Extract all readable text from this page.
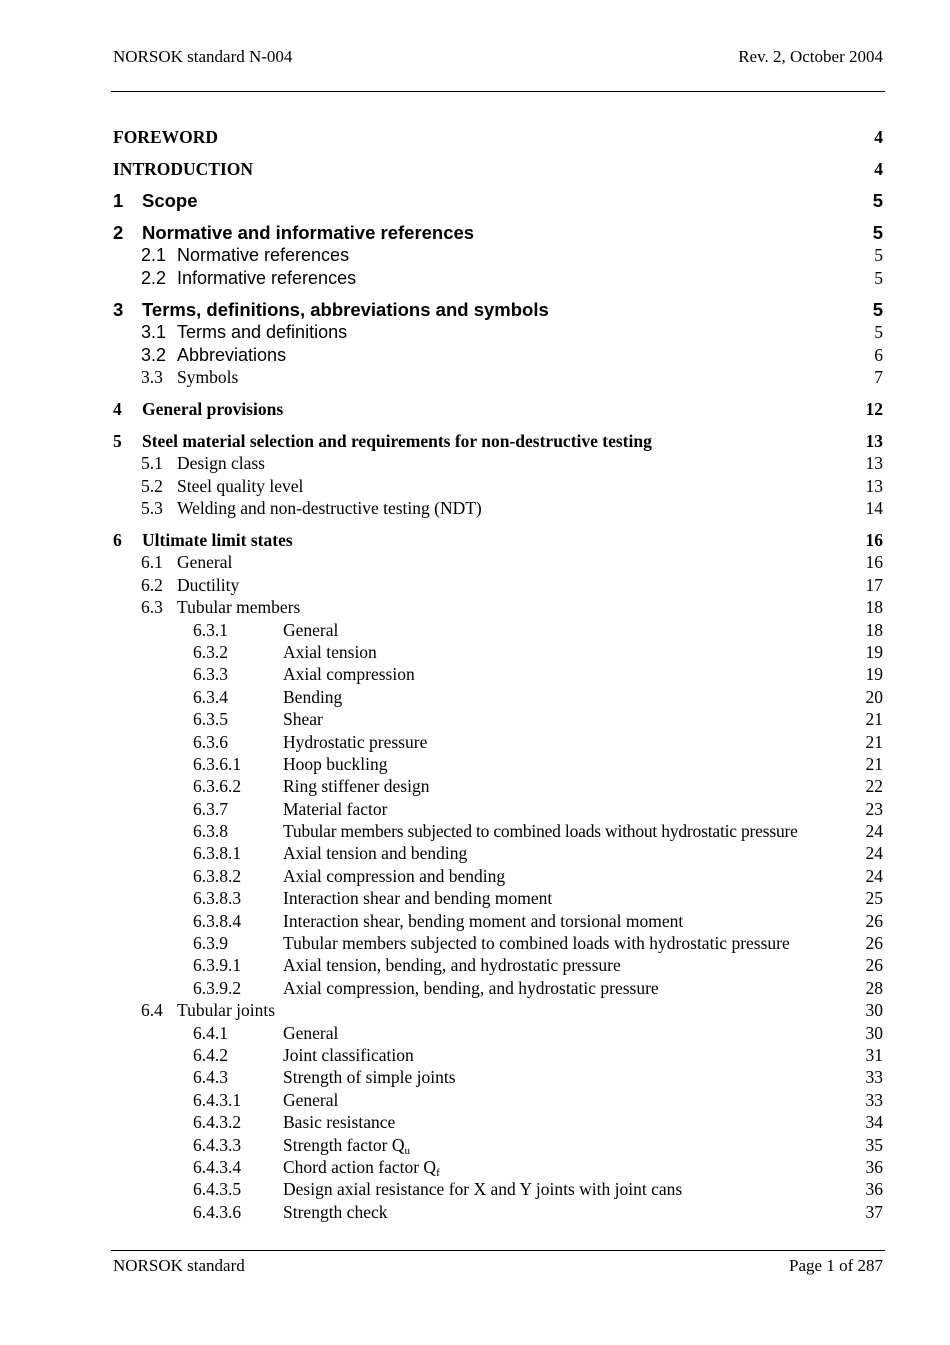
NORSOK standard N-004	Rev. 2, October 2004
FOREWORD	4
INTRODUCTION	4
1 Scope	5
2 Normative and informative references	5
2.1 Normative references	5
2.2 Informative references	5
3 Terms, definitions, abbreviations and symbols	5
3.1 Terms and definitions	5
3.2 Abbreviations	6
3.3 Symbols	7
4 General provisions	12
5 Steel material selection and requirements for non-destructive testing	13
5.1 Design class	13
5.2 Steel quality level	13
5.3 Welding and non-destructive testing (NDT)	14
6 Ultimate limit states	16
6.1 General	16
6.2 Ductility	17
6.3 Tubular members	18
6.3.1	General	18
6.3.2	Axial tension	19
6.3.3	Axial compression	19
6.3.4	Bending	20
6.3.5	Shear	21
6.3.6	Hydrostatic pressure	21
6.3.6.1 Hoop buckling	21
6.3.6.2 Ring stiffener design	22
6.3.7	Material factor	23
6.3.8	Tubular members subjected to combined loads without hydrostatic pressure	24
6.3.8.1 Axial tension and bending	24
6.3.8.2 Axial compression and bending	24
6.3.8.3 Interaction shear and bending moment	25
6.3.8.4 Interaction shear, bending moment and torsional moment	26
6.3.9	Tubular members subjected to combined loads with hydrostatic pressure	26
6.3.9.1 Axial tension, bending, and hydrostatic pressure	26
6.3.9.2 Axial compression, bending, and hydrostatic pressure	28
6.4 Tubular joints	30
6.4.1	General	30
6.4.2	Joint classification	31
6.4.3	Strength of simple joints	33
6.4.3.1 General	33
6.4.3.2 Basic resistance	34
6.4.3.3 Strength factor $Q_u$	35
6.4.3.4 Chord action factor $Q_f$	36
6.4.3.5 Design axial resistance for X and Y joints with joint cans	36
6.4.3.6 Strength check	37
NORSOK standard	Page 1 of 287
